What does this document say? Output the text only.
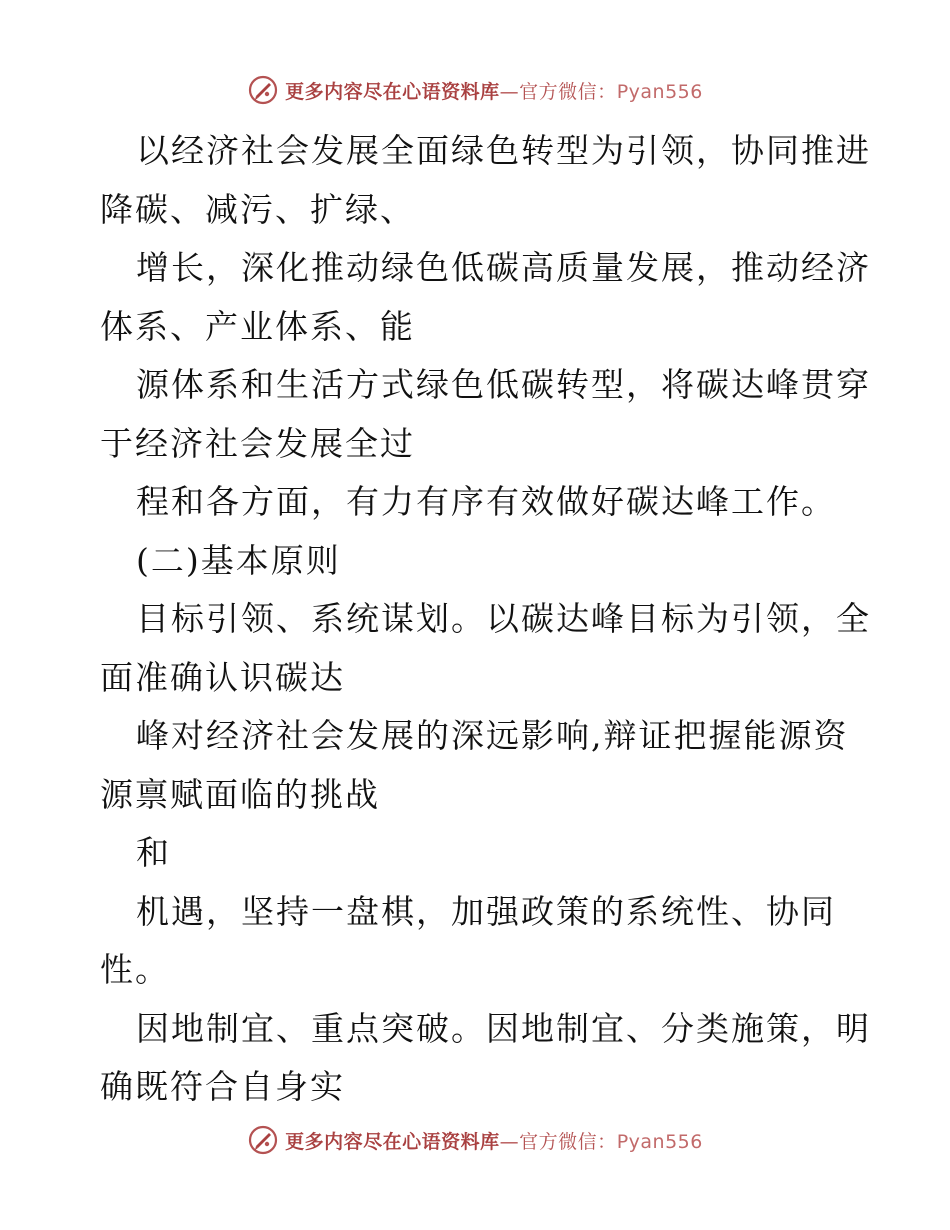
更多内容尽在心语资料库—官方微信：Pyan556
以经济社会发展全面绿色转型为引领，协同推进
降碳、减污、扩绿、
增长，深化推动绿色低碳高质量发展，推动经济
体系、产业体系、能
源体系和生活方式绿色低碳转型，将碳达峰贯穿
于经济社会发展全过
程和各方面，有力有序有效做好碳达峰工作。
(二)基本原则
目标引领、系统谋划。以碳达峰目标为引领，全
面准确认识碳达
峰对经济社会发展的深远影响,辩证把握能源资
源禀赋面临的挑战
和
机遇，坚持一盘棋，加强政策的系统性、协同
性。
因地制宜、重点突破。因地制宜、分类施策，明
确既符合自身实
更多内容尽在心语资料库—官方微信：Pyan556
